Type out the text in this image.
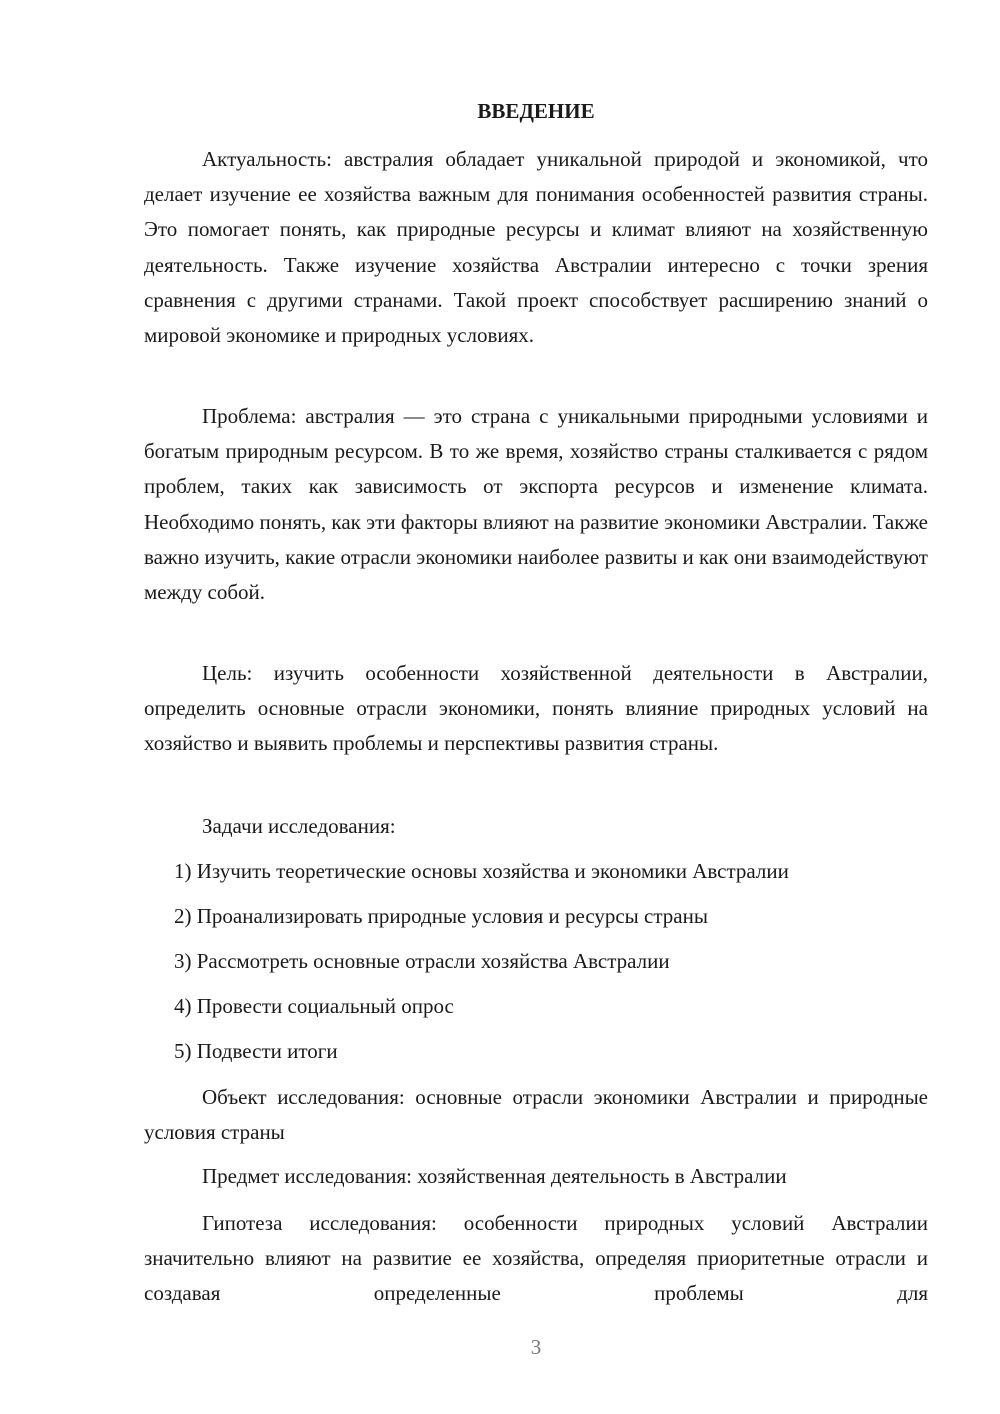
ВВЕДЕНИЕ

Актуальность: австралия обладает уникальной природой и экономикой, что делает изучение ее хозяйства важным для понимания особенностей развития страны. Это помогает понять, как природные ресурсы и климат влияют на хозяйственную деятельность. Также изучение хозяйства Австралии интересно с точки зрения сравнения с другими странами. Такой проект способствует расширению знаний о мировой экономике и природных условиях.

Проблема: австралия — это страна с уникальными природными условиями и богатым природным ресурсом. В то же время, хозяйство страны сталкивается с рядом проблем, таких как зависимость от экспорта ресурсов и изменение климата. Необходимо понять, как эти факторы влияют на развитие экономики Австралии. Также важно изучить, какие отрасли экономики наиболее развиты и как они взаимодействуют между собой.

Цель: изучить особенности хозяйственной деятельности в Австралии, определить основные отрасли экономики, понять влияние природных условий на хозяйство и выявить проблемы и перспективы развития страны.

Задачи исследования:
1) Изучить теоретические основы хозяйства и экономики Австралии
2) Проанализировать природные условия и ресурсы страны
3) Рассмотреть основные отрасли хозяйства Австралии
4) Провести социальный опрос
5) Подвести итоги

Объект исследования: основные отрасли экономики Австралии и природные условия страны

Предмет исследования: хозяйственная деятельность в Австралии

Гипотеза исследования: особенности природных условий Австралии значительно влияют на развитие ее хозяйства, определяя приоритетные отрасли и создавая определенные проблемы для

3
